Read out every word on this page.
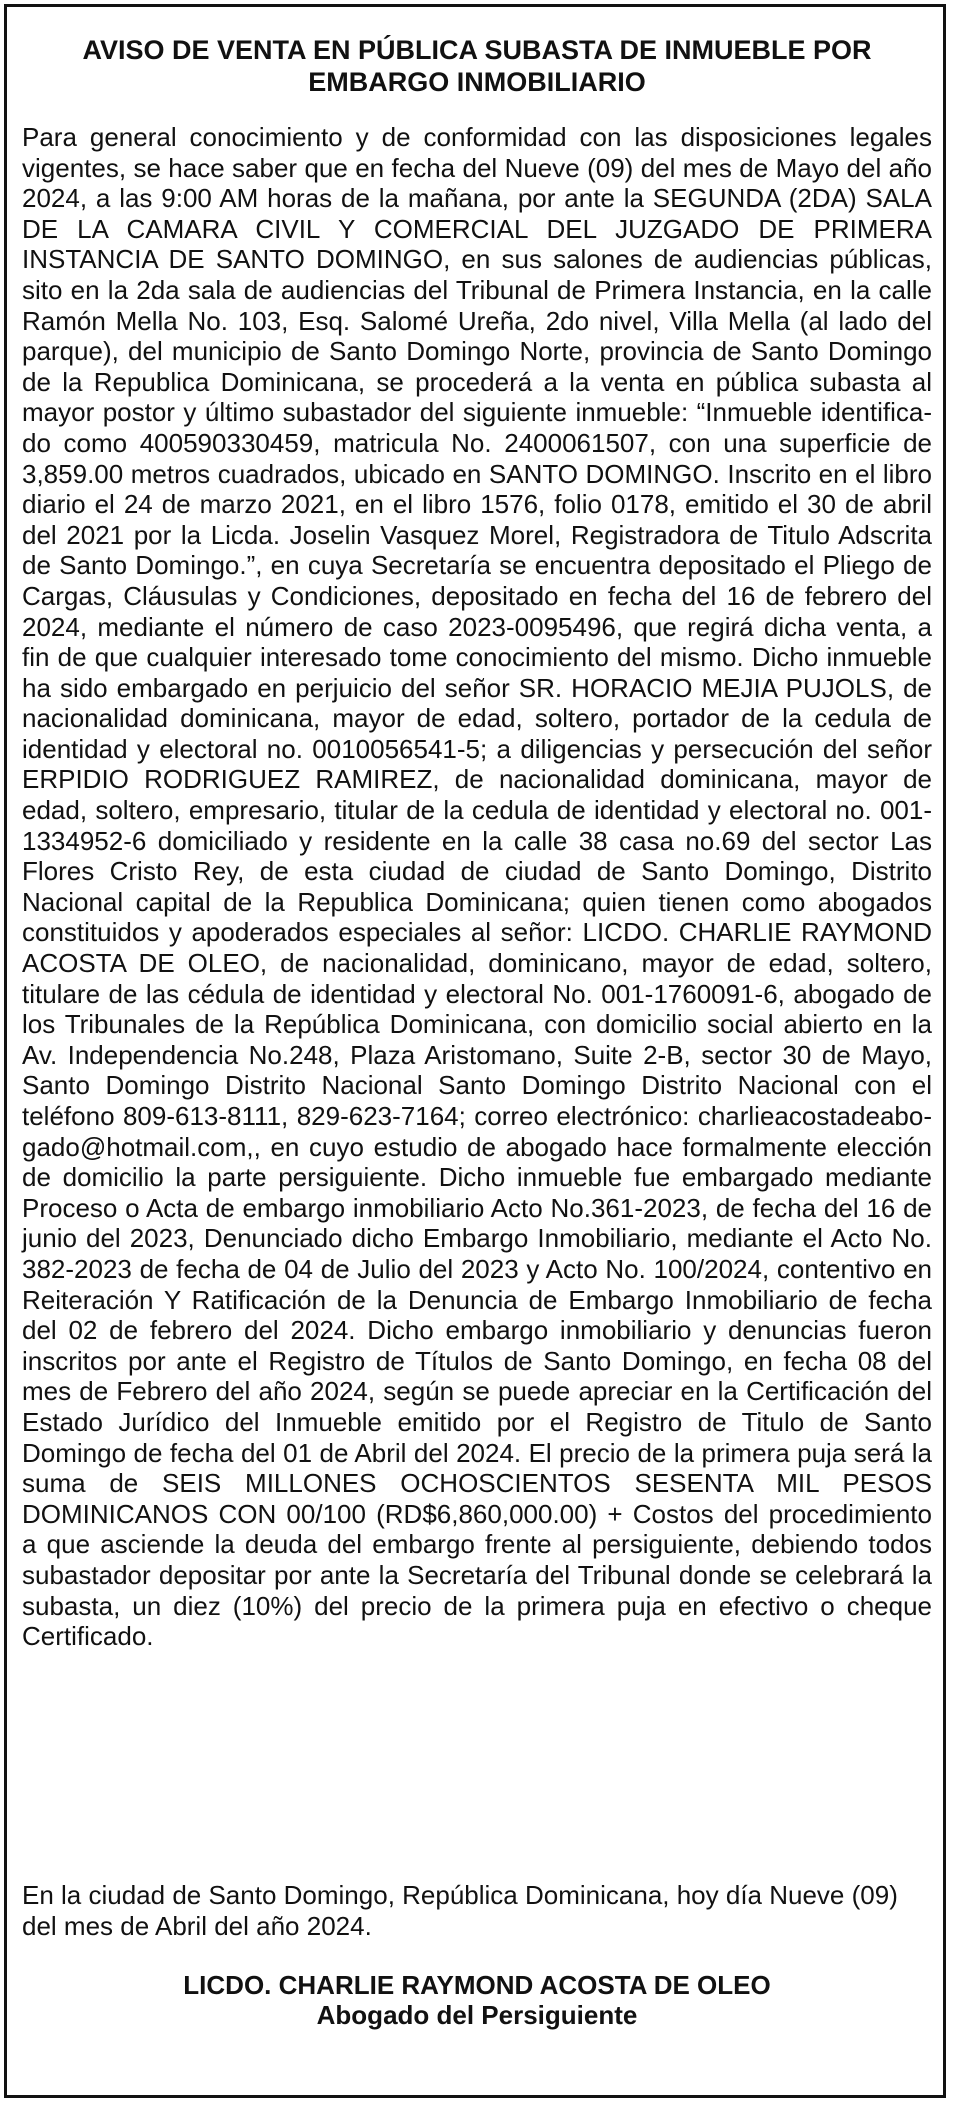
AVISO DE VENTA EN PÚBLICA SUBASTA DE INMUEBLE POR EMBARGO INMOBILIARIO

Para general conocimiento y de conformidad con las disposiciones legales vigentes, se hace saber que en fecha del Nueve (09) del mes de Mayo del año 2024, a las 9:00 AM horas de la mañana, por ante la SEGUNDA (2DA) SALA DE LA CAMARA CIVIL Y COMERCIAL DEL JUZGADO DE PRIMERA INSTANCIA DE SANTO DOMINGO, en sus salones de audiencias públicas, sito en la 2da sala de audiencias del Tribunal de Primera Instancia, en la calle Ramón Mella No. 103, Esq. Salomé Ureña, 2do nivel, Villa Mella (al lado del parque), del municipio de Santo Domingo Norte, provincia de Santo Domingo de la Republica Dominicana, se procederá a la venta en pública subasta al mayor postor y último subastador del siguiente inmueble: “Inmueble identificado como 400590330459, matricula No. 2400061507, con una superficie de 3,859.00 metros cuadrados, ubicado en SANTO DOMINGO. Inscrito en el libro diario el 24 de marzo 2021, en el libro 1576, folio 0178, emitido el 30 de abril del 2021 por la Licda. Joselin Vasquez Morel, Registradora de Titulo Adscrita de Santo Domingo.”, en cuya Secretaría se encuentra depositado el Pliego de Cargas, Cláusulas y Condiciones, depositado en fecha del 16 de febrero del 2024, mediante el número de caso 2023-0095496, que regirá dicha venta, a fin de que cualquier interesado tome conocimiento del mismo. Dicho inmueble ha sido embargado en perjuicio del señor SR. HORACIO MEJIA PUJOLS, de nacionalidad dominicana, mayor de edad, soltero, portador de la cedula de identidad y electoral no. 0010056541-5; a diligencias y persecución del señor ERPIDIO RODRIGUEZ RAMIREZ, de nacionalidad dominicana, mayor de edad, soltero, empresario, titular de la cedula de identidad y electoral no. 001-1334952-6 domiciliado y residente en la calle 38 casa no.69 del sector Las Flores Cristo Rey, de esta ciudad de ciudad de Santo Domingo, Distrito Nacional capital de la Republica Dominicana; quien tienen como abogados constituidos y apoderados especiales al señor: LICDO. CHARLIE RAYMOND ACOSTA DE OLEO, de nacionalidad, dominicano, mayor de edad, soltero, titulare de las cédula de identidad y electoral No. 001-1760091-6, abogado de los Tribunales de la República Dominicana, con domicilio social abierto en la Av. Independencia No.248, Plaza Aristomano, Suite 2-B, sector 30 de Mayo, Santo Domingo Distrito Nacional Santo Domingo Distrito Nacional con el teléfono 809-613-8111, 829-623-7164; correo electrónico: charlieacostadeabogado@hotmail.com,, en cuyo estudio de abogado hace formalmente elección de domicilio la parte persiguiente. Dicho inmueble fue embargado mediante Proceso o Acta de embargo inmobiliario Acto No.361-2023, de fecha del 16 de junio del 2023, Denunciado dicho Embargo Inmobiliario, mediante el Acto No. 382-2023 de fecha de 04 de Julio del 2023 y Acto No. 100/2024, contentivo en Reiteración Y Ratificación de la Denuncia de Embargo Inmobiliario de fecha del 02 de febrero del 2024. Dicho embargo inmobiliario y denuncias fueron inscritos por ante el Registro de Títulos de Santo Domingo, en fecha 08 del mes de Febrero del año 2024, según se puede apreciar en la Certificación del Estado Jurídico del Inmueble emitido por el Registro de Titulo de Santo Domingo de fecha del 01 de Abril del 2024. El precio de la primera puja será la suma de SEIS MILLONES OCHOSCIENTOS SESENTA MIL PESOS DOMINICANOS CON 00/100 (RD$6,860,000.00) + Costos del procedimiento a que asciende la deuda del embargo frente al persiguiente, debiendo todos subastador depositar por ante la Secretaría del Tribunal donde se celebrará la subasta, un diez (10%) del precio de la primera puja en efectivo o cheque Certificado.

En la ciudad de Santo Domingo, República Dominicana, hoy día Nueve (09) del mes de Abril del año 2024.

LICDO. CHARLIE RAYMOND ACOSTA DE OLEO
Abogado del Persiguiente
